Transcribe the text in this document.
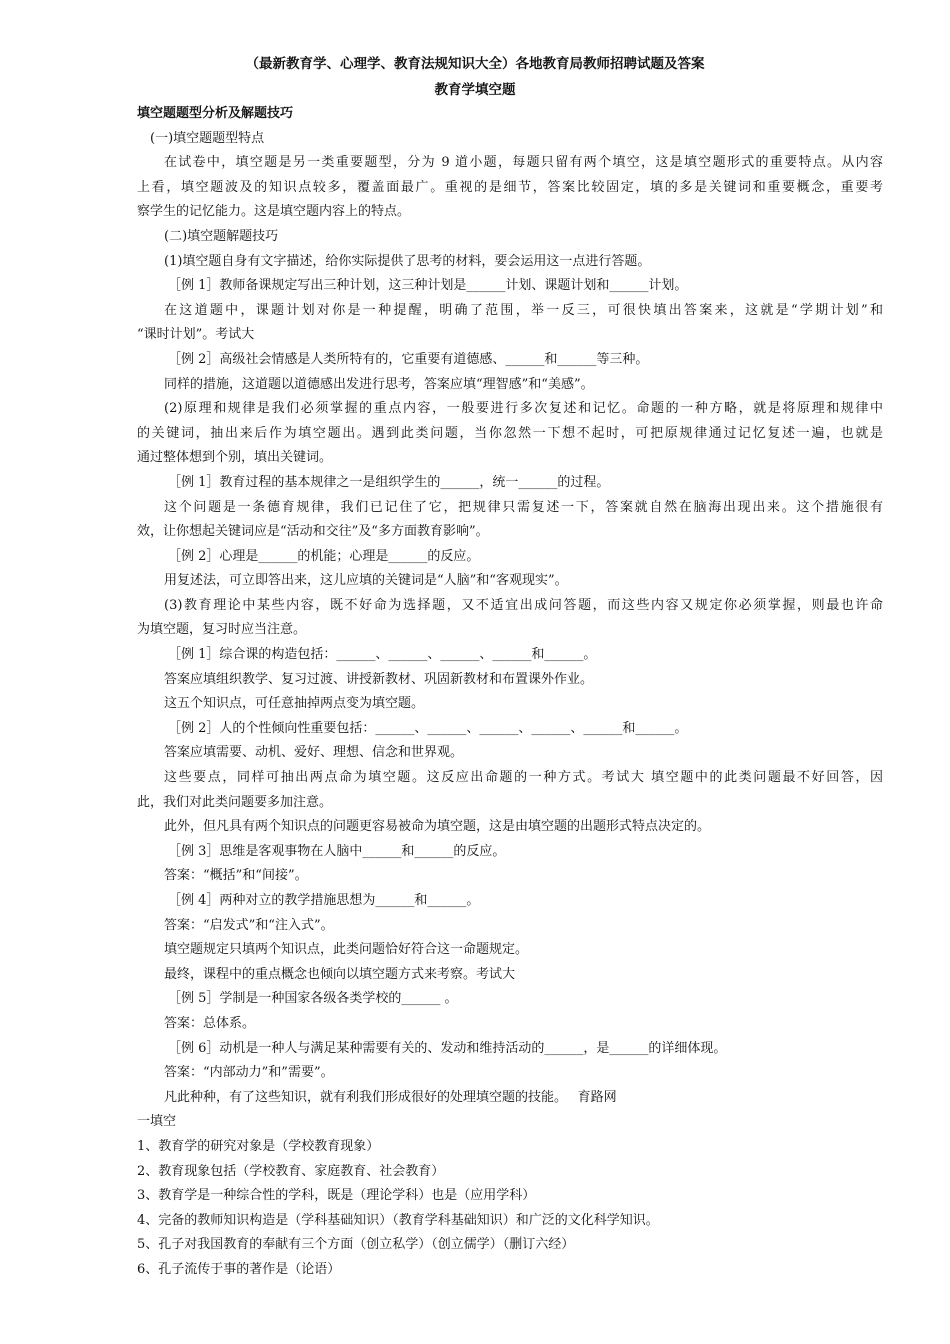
（最新教育学、心理学、教育法规知识大全）各地教育局教师招聘试题及答案
教育学填空题
填空题题型分析及解题技巧
(一)填空题题型特点
在试卷中，填空题是另一类重要题型，分为 9 道小题，每题只留有两个填空，这是填空题形式的重要特点。从内容
上看，填空题波及的知识点较多，覆盖面最广。重视的是细节，答案比较固定，填的多是关键词和重要概念，重要考
察学生的记忆能力。这是填空题内容上的特点。
(二)填空题解题技巧
(1)填空题自身有文字描述，给你实际提供了思考的材料，要会运用这一点进行答题。
［例 1］教师备课规定写出三种计划，这三种计划是______计划、课题计划和______计划。
在这道题中，课题计划对你是一种提醒，明确了范围，举一反三，可很快填出答案来，这就是“学期计划”和
“课时计划”。考试大
［例 2］高级社会情感是人类所特有的，它重要有道德感、______和______等三种。
同样的措施，这道题以道德感出发进行思考，答案应填“理智感”和“美感”。
(2)原理和规律是我们必须掌握的重点内容，一般要进行多次复述和记忆。命题的一种方略，就是将原理和规律中
的关键词，抽出来后作为填空题出。遇到此类问题，当你忽然一下想不起时，可把原规律通过记忆复述一遍，也就是
通过整体想到个别，填出关键词。
［例 1］教育过程的基本规律之一是组织学生的______，统一______的过程。
这个问题是一条德育规律，我们已记住了它，把规律只需复述一下，答案就自然在脑海出现出来。这个措施很有
效，让你想起关键词应是“活动和交往”及“多方面教育影响”。
［例 2］心理是______的机能；心理是______的反应。
用复述法，可立即答出来，这儿应填的关键词是“人脑”和“客观现实”。
(3)教育理论中某些内容，既不好命为选择题，又不适宜出成问答题，而这些内容又规定你必须掌握，则最也许命
为填空题，复习时应当注意。
［例 1］综合课的构造包括：______、______、______、______和______。
答案应填组织教学、复习过渡、讲授新教材、巩固新教材和布置课外作业。
这五个知识点，可任意抽掉两点变为填空题。
［例 2］人的个性倾向性重要包括：______、______、______、______、______和______。
答案应填需要、动机、爱好、理想、信念和世界观。
这些要点，同样可抽出两点命为填空题。这反应出命题的一种方式。考试大 填空题中的此类问题最不好回答，因
此，我们对此类问题要多加注意。
此外，但凡具有两个知识点的问题更容易被命为填空题，这是由填空题的出题形式特点决定的。
［例 3］思维是客观事物在人脑中______和______的反应。
答案：“概括”和“间接”。
［例 4］两种对立的教学措施思想为______和______。
答案：“启发式”和“注入式”。
填空题规定只填两个知识点，此类问题恰好符合这一命题规定。
最终，课程中的重点概念也倾向以填空题方式来考察。考试大
［例 5］学制是一种国家各级各类学校的______ 。
答案：总体系。
［例 6］动机是一种人与满足某种需要有关的、发动和维持活动的______，是______的详细体现。
答案：“内部动力”和”需要”。
凡此种种，有了这些知识，就有利我们形成很好的处理填空题的技能。　 育路网
一填空
1、教育学的研究对象是（学校教育现象）
2、教育现象包括（学校教育、家庭教育、社会教育）
3、教育学是一种综合性的学科，既是（理论学科）也是（应用学科）
4、完备的教师知识构造是（学科基础知识）（教育学科基础知识）和广泛的文化科学知识。
5、孔子对我国教育的奉献有三个方面（创立私学）（创立儒学）（删订六经）
6、孔子流传于事的著作是（论语）
